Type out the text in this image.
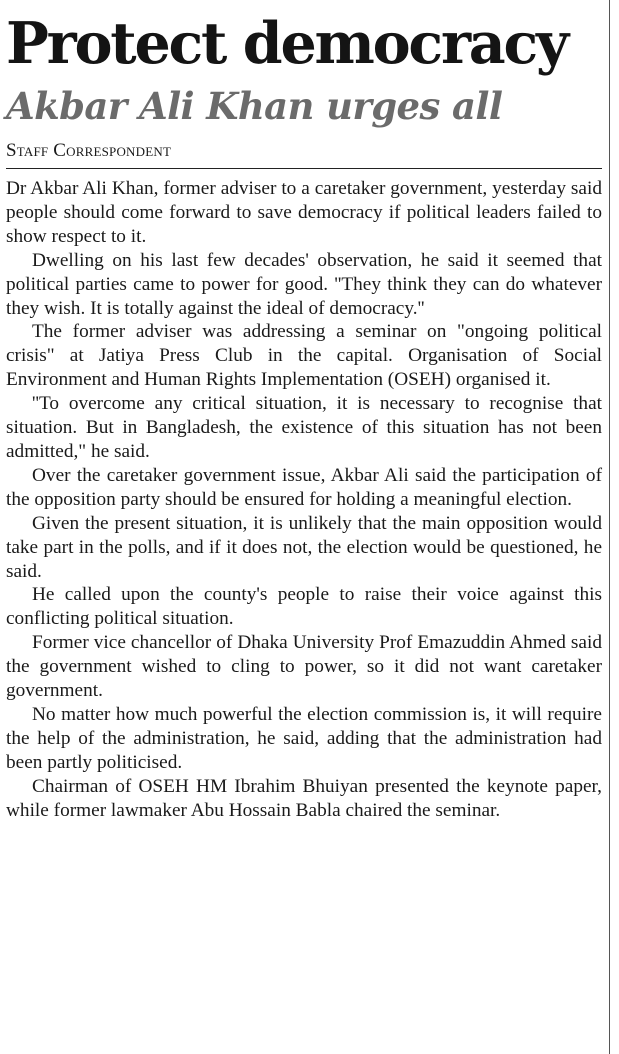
Protect democracy
Akbar Ali Khan urges all
Staff Correspondent

Dr Akbar Ali Khan, former adviser to a caretaker government, yesterday said people should come forward to save democracy if political leaders failed to show respect to it.

Dwelling on his last few decades' observation, he said it seemed that political parties came to power for good. ''They think they can do whatever they wish. It is totally against the ideal of democracy.''

The former adviser was addressing a seminar on "ongoing political crisis" at Jatiya Press Club in the capital. Organisation of Social Environment and Human Rights Implementation (OSEH) organised it.

''To overcome any critical situation, it is necessary to recognise that situation. But in Bangladesh, the existence of this situation has not been admitted," he said.

Over the caretaker government issue, Akbar Ali said the participation of the opposition party should be ensured for holding a meaningful election.

Given the present situation, it is unlikely that the main opposition would take part in the polls, and if it does not, the election would be questioned, he said.

He called upon the county's people to raise their voice against this conflicting political situation.

Former vice chancellor of Dhaka University Prof Emazuddin Ahmed said the government wished to cling to power, so it did not want caretaker government.

No matter how much powerful the election commission is, it will require the help of the administration, he said, adding that the administration had been partly politicised.

Chairman of OSEH HM Ibrahim Bhuiyan presented the keynote paper, while former lawmaker Abu Hossain Babla chaired the seminar.
